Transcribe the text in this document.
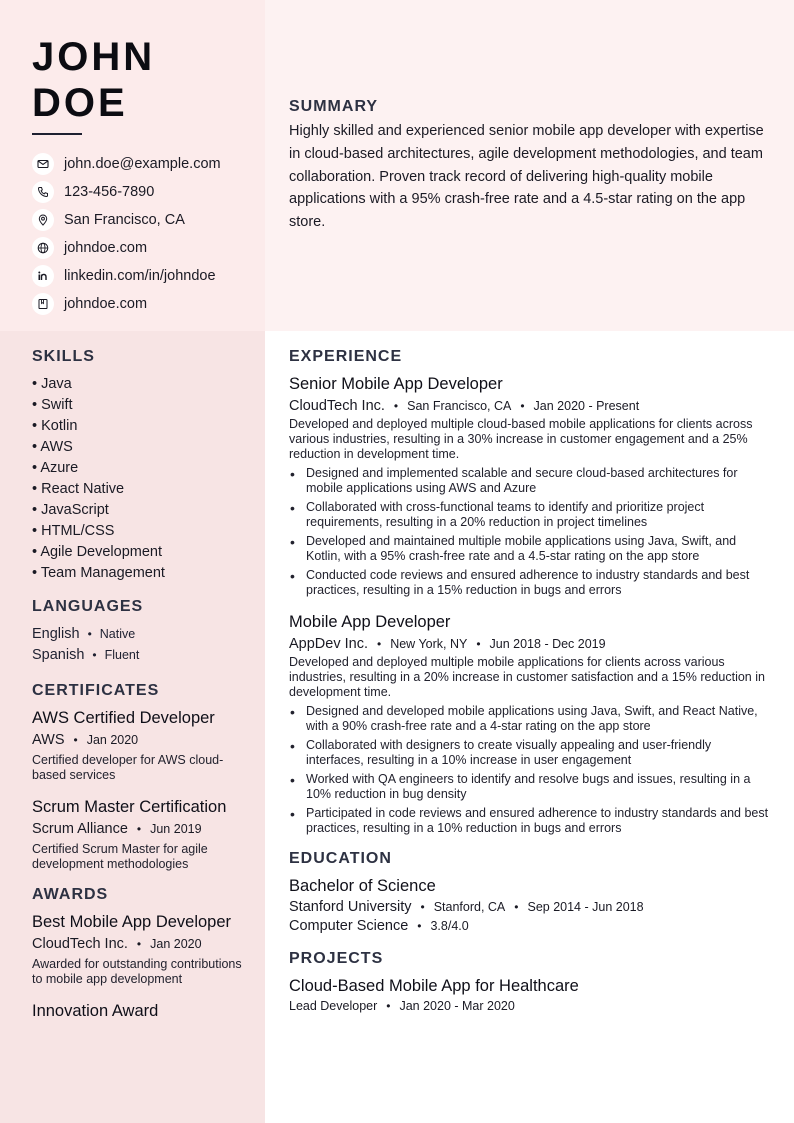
JOHN
DOE
john.doe@example.com
123-456-7890
San Francisco, CA
johndoe.com
linkedin.com/in/johndoe
johndoe.com
SUMMARY

Highly skilled and experienced senior mobile app developer with expertise in cloud-based architectures, agile development methodologies, and team collaboration. Proven track record of delivering high-quality mobile applications with a 95% crash-free rate and a 4.5-star rating on the app store.

SKILLS
• Java
• Swift
• Kotlin
• AWS
• Azure
• React Native
• JavaScript
• HTML/CSS
• Agile Development
• Team Management
LANGUAGES
English • Native
Spanish • Fluent
CERTIFICATES
AWS Certified Developer
AWS • Jan 2020
Certified developer for AWS cloud-based services
Scrum Master Certification
Scrum Alliance • Jun 2019
Certified Scrum Master for agile development methodologies
AWARDS
Best Mobile App Developer
CloudTech Inc. • Jan 2020
Awarded for outstanding contributions to mobile app development
Innovation Award
EXPERIENCE
Senior Mobile App Developer
CloudTech Inc. • San Francisco, CA • Jan 2020 - Present
Developed and deployed multiple cloud-based mobile applications for clients across various industries, resulting in a 30% increase in customer engagement and a 25% reduction in development time.
• Designed and implemented scalable and secure cloud-based architectures for mobile applications using AWS and Azure
• Collaborated with cross-functional teams to identify and prioritize project requirements, resulting in a 20% reduction in project timelines
• Developed and maintained multiple mobile applications using Java, Swift, and Kotlin, with a 95% crash-free rate and a 4.5-star rating on the app store
• Conducted code reviews and ensured adherence to industry standards and best practices, resulting in a 15% reduction in bugs and errors
Mobile App Developer
AppDev Inc. • New York, NY • Jun 2018 - Dec 2019
Developed and deployed multiple mobile applications for clients across various industries, resulting in a 20% increase in customer satisfaction and a 15% reduction in development time.
• Designed and developed mobile applications using Java, Swift, and React Native, with a 90% crash-free rate and a 4-star rating on the app store
• Collaborated with designers to create visually appealing and user-friendly interfaces, resulting in a 10% increase in user engagement
• Worked with QA engineers to identify and resolve bugs and issues, resulting in a 10% reduction in bug density
• Participated in code reviews and ensured adherence to industry standards and best practices, resulting in a 10% reduction in bugs and errors
EDUCATION
Bachelor of Science
Stanford University • Stanford, CA • Sep 2014 - Jun 2018
Computer Science • 3.8/4.0
PROJECTS
Cloud-Based Mobile App for Healthcare
Lead Developer • Jan 2020 - Mar 2020
